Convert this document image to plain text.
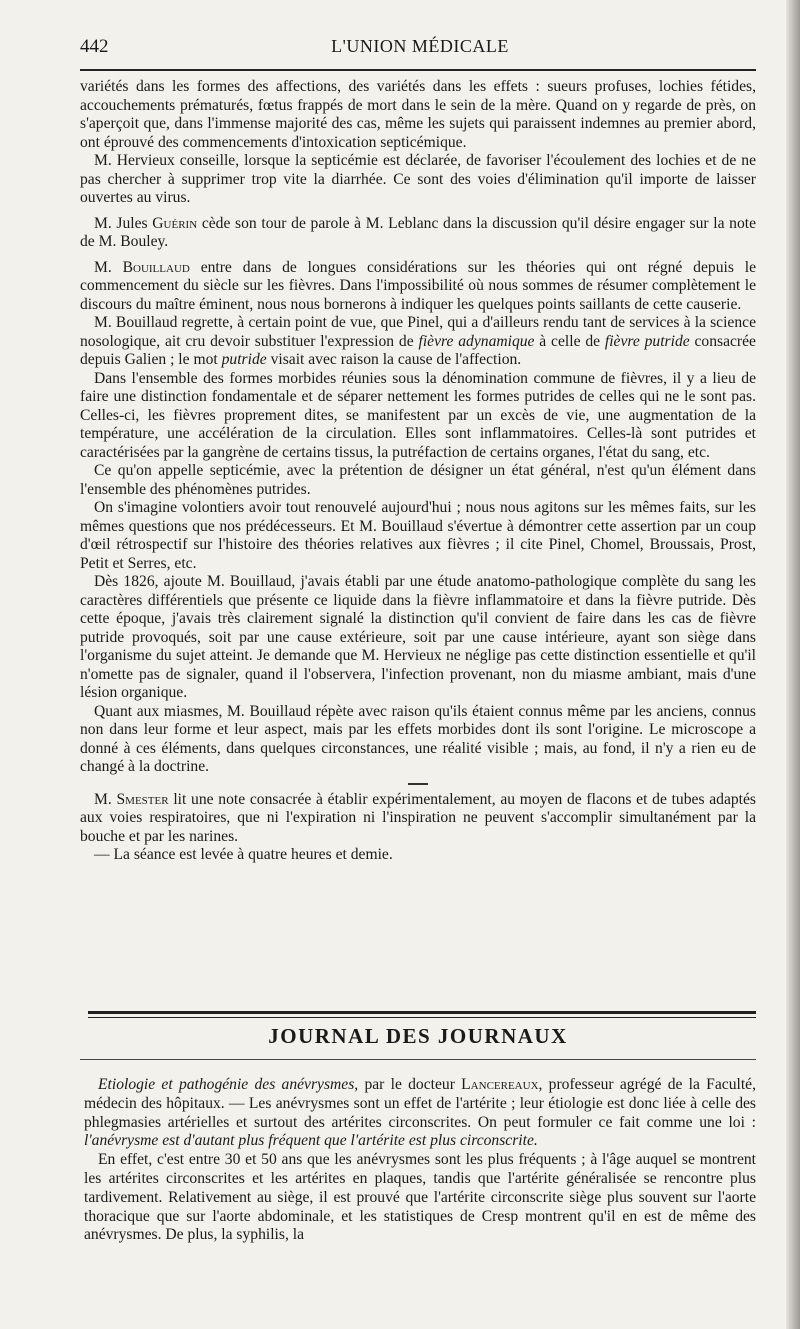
442	L'UNION MÉDICALE

variétés dans les formes des affections, des variétés dans les effets : sueurs profuses, lochies fétides, accouchements prématurés, fœtus frappés de mort dans le sein de la mère. Quand on y regarde de près, on s'aperçoit que, dans l'immense majorité des cas, même les sujets qui paraissent indemnes au premier abord, ont éprouvé des commencements d'intoxication septicémique.

M. Hervieux conseille, lorsque la septicémie est déclarée, de favoriser l'écoulement des lochies et de ne pas chercher à supprimer trop vite la diarrhée. Ce sont des voies d'élimination qu'il importe de laisser ouvertes au virus.

M. Jules Guérin cède son tour de parole à M. Leblanc dans la discussion qu'il désire engager sur la note de M. Bouley.

M. Bouillaud entre dans de longues considérations sur les théories qui ont régné depuis le commencement du siècle sur les fièvres. Dans l'impossibilité où nous sommes de résumer complètement le discours du maître éminent, nous nous bornerons à indiquer les quelques points saillants de cette causerie.

M. Bouillaud regrette, à certain point de vue, que Pinel, qui a d'ailleurs rendu tant de services à la science nosologique, ait cru devoir substituer l'expression de fièvre adynamique à celle de fièvre putride consacrée depuis Galien ; le mot putride visait avec raison la cause de l'affection.

Dans l'ensemble des formes morbides réunies sous la dénomination commune de fièvres, il y a lieu de faire une distinction fondamentale et de séparer nettement les formes putrides de celles qui ne le sont pas. Celles-ci, les fièvres proprement dites, se manifestent par un excès de vie, une augmentation de la température, une accélération de la circulation. Elles sont inflammatoires. Celles-là sont putrides et caractérisées par la gangrène de certains tissus, la putréfaction de certains organes, l'état du sang, etc.

Ce qu'on appelle septicémie, avec la prétention de désigner un état général, n'est qu'un élément dans l'ensemble des phénomènes putrides.

On s'imagine volontiers avoir tout renouvelé aujourd'hui ; nous nous agitons sur les mêmes faits, sur les mêmes questions que nos prédécesseurs. Et M. Bouillaud s'évertue à démontrer cette assertion par un coup d'œil rétrospectif sur l'histoire des théories relatives aux fièvres ; il cite Pinel, Chomel, Broussais, Prost, Petit et Serres, etc.

Dès 1826, ajoute M. Bouillaud, j'avais établi par une étude anatomo-pathologique complète du sang les caractères différentiels que présente ce liquide dans la fièvre inflammatoire et dans la fièvre putride. Dès cette époque, j'avais très clairement signalé la distinction qu'il convient de faire dans les cas de fièvre putride provoqués, soit par une cause extérieure, soit par une cause intérieure, ayant son siège dans l'organisme du sujet atteint. Je demande que M. Hervieux ne néglige pas cette distinction essentielle et qu'il n'omette pas de signaler, quand il l'observera, l'infection provenant, non du miasme ambiant, mais d'une lésion organique.

Quant aux miasmes, M. Bouillaud répète avec raison qu'ils étaient connus même par les anciens, connus non dans leur forme et leur aspect, mais par les effets morbides dont ils sont l'origine. Le microscope a donné à ces éléments, dans quelques circonstances, une réalité visible ; mais, au fond, il n'y a rien eu de changé à la doctrine.

M. Smester lit une note consacrée à établir expérimentalement, au moyen de flacons et de tubes adaptés aux voies respiratoires, que ni l'expiration ni l'inspiration ne peuvent s'accomplir simultanément par la bouche et par les narines.

— La séance est levée à quatre heures et demie.

JOURNAL DES JOURNAUX

Etiologie et pathogénie des anévrysmes, par le docteur Lancereaux, professeur agrégé de la Faculté, médecin des hôpitaux. — Les anévrysmes sont un effet de l'artérite ; leur étiologie est donc liée à celle des phlegmasies artérielles et surtout des artérites circonscrites. On peut formuler ce fait comme une loi : l'anévrysme est d'autant plus fréquent que l'artérite est plus circonscrite.

En effet, c'est entre 30 et 50 ans que les anévrysmes sont les plus fréquents ; à l'âge auquel se montrent les artérites circonscrites et les artérites en plaques, tandis que l'artérite généralisée se rencontre plus tardivement. Relativement au siège, il est prouvé que l'artérite circonscrite siège plus souvent sur l'aorte thoracique que sur l'aorte abdominale, et les statistiques de Cresp montrent qu'il en est de même des anévrysmes. De plus, la syphilis, la
